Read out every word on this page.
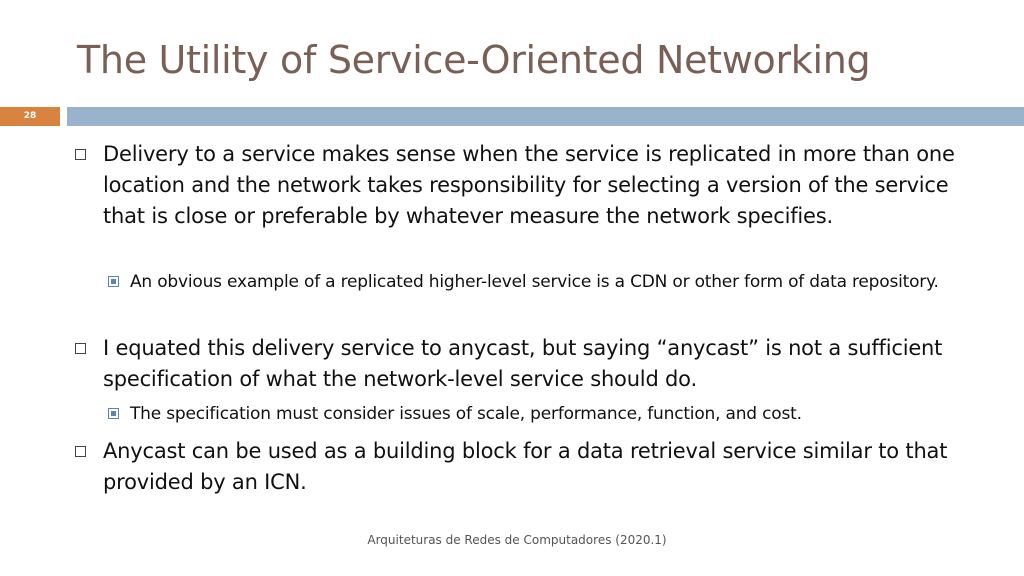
The Utility of Service-Oriented Networking
28
Delivery to a service makes sense when the service is replicated in more than one location and the network takes responsibility for selecting a version of the service that is close or preferable by whatever measure the network specifies.
An obvious example of a replicated higher-level service is a CDN or other form of data repository.
I equated this delivery service to anycast, but saying “anycast” is not a sufficient specification of what the network-level service should do.
The specification must consider issues of scale, performance, function, and cost.
Anycast can be used as a building block for a data retrieval service similar to that provided by an ICN.
Arquiteturas de Redes de Computadores (2020.1)
